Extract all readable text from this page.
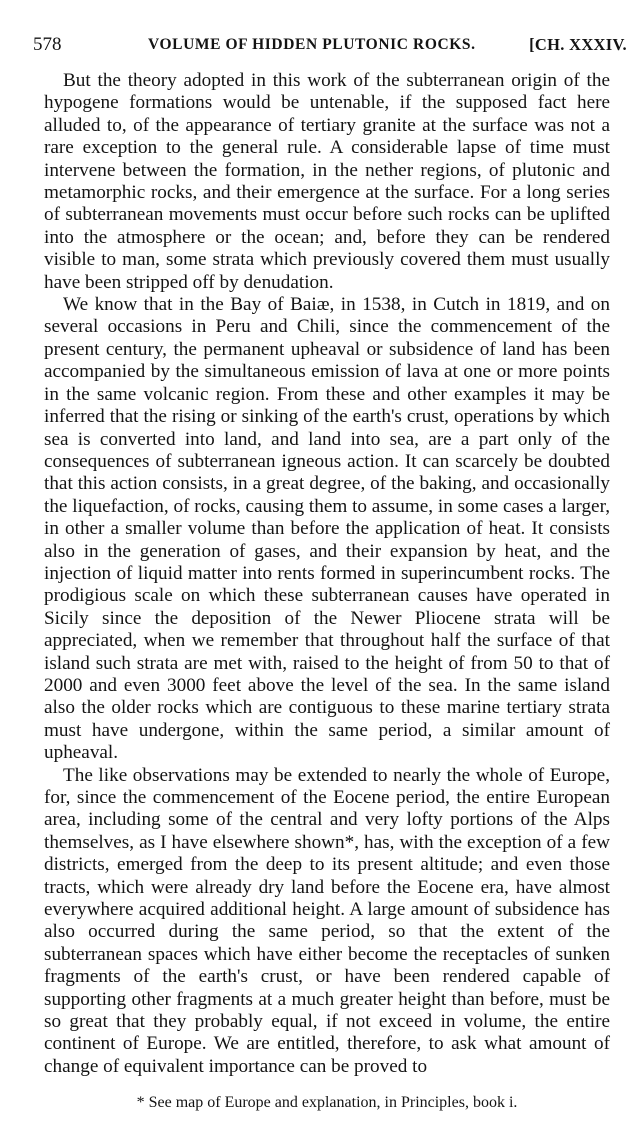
578	VOLUME OF HIDDEN PLUTONIC ROCKS.	[CH. XXXIV.

But the theory adopted in this work of the subterranean origin of the hypogene formations would be untenable, if the supposed fact here alluded to, of the appearance of tertiary granite at the surface was not a rare exception to the general rule. A considerable lapse of time must intervene between the formation, in the nether regions, of plutonic and metamorphic rocks, and their emergence at the surface. For a long series of subterranean movements must occur before such rocks can be uplifted into the atmosphere or the ocean; and, before they can be rendered visible to man, some strata which previously covered them must usually have been stripped off by denudation.

We know that in the Bay of Baiæ, in 1538, in Cutch in 1819, and on several occasions in Peru and Chili, since the commencement of the present century, the permanent upheaval or subsidence of land has been accompanied by the simultaneous emission of lava at one or more points in the same volcanic region. From these and other examples it may be inferred that the rising or sinking of the earth's crust, operations by which sea is converted into land, and land into sea, are a part only of the consequences of subterranean igneous action. It can scarcely be doubted that this action consists, in a great degree, of the baking, and occasionally the liquefaction, of rocks, causing them to assume, in some cases a larger, in other a smaller volume than before the application of heat. It consists also in the generation of gases, and their expansion by heat, and the injection of liquid matter into rents formed in superincumbent rocks. The prodigious scale on which these subterranean causes have operated in Sicily since the deposition of the Newer Pliocene strata will be appreciated, when we remember that throughout half the surface of that island such strata are met with, raised to the height of from 50 to that of 2000 and even 3000 feet above the level of the sea. In the same island also the older rocks which are contiguous to these marine tertiary strata must have undergone, within the same period, a similar amount of upheaval.

The like observations may be extended to nearly the whole of Europe, for, since the commencement of the Eocene period, the entire European area, including some of the central and very lofty portions of the Alps themselves, as I have elsewhere shown*, has, with the exception of a few districts, emerged from the deep to its present altitude; and even those tracts, which were already dry land before the Eocene era, have almost everywhere acquired additional height. A large amount of subsidence has also occurred during the same period, so that the extent of the subterranean spaces which have either become the receptacles of sunken fragments of the earth's crust, or have been rendered capable of supporting other fragments at a much greater height than before, must be so great that they probably equal, if not exceed in volume, the entire continent of Europe. We are entitled, therefore, to ask what amount of change of equivalent importance can be proved to

* See map of Europe and explanation, in Principles, book i.
